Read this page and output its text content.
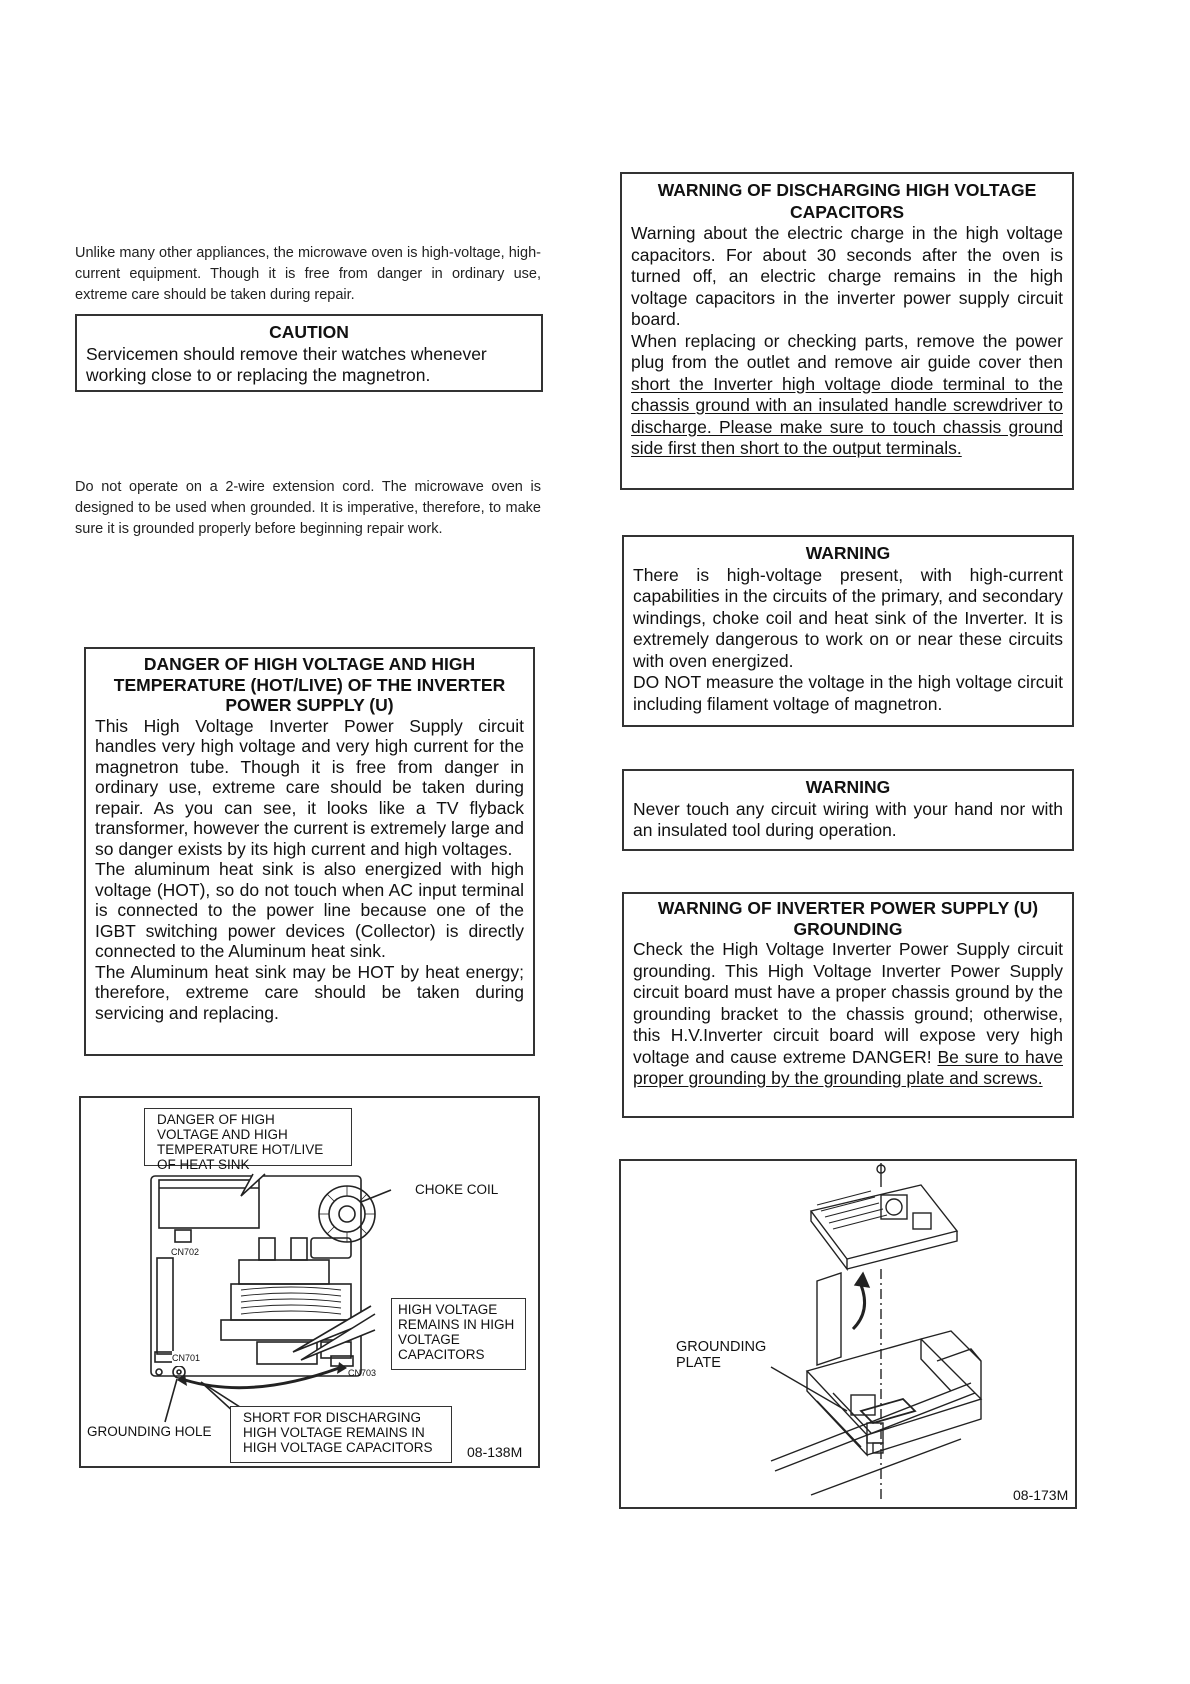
Unlike many other appliances, the microwave oven is high-voltage, high-current equipment. Though it is free from danger in ordinary use, extreme care should be taken during repair.
CAUTION

Servicemen should remove their watches whenever working close to or replacing the magnetron.

Do not operate on a 2-wire extension cord. The microwave oven is designed to be used when grounded. It is imperative, therefore, to make sure it is grounded properly before beginning repair work.
DANGER OF HIGH VOLTAGE AND HIGH TEMPERATURE (HOT/LIVE) OF THE INVERTER POWER SUPPLY (U)

This High Voltage Inverter Power Supply circuit handles very high voltage and very high current for the magnetron tube. Though it is free from danger in ordinary use, extreme care should be taken during repair. As you can see, it looks like a TV flyback transformer, however the current is extremely large and so danger exists by its high current and high voltages.

The aluminum heat sink is also energized with high voltage (HOT), so do not touch when AC input terminal is connected to the power line because one of the IGBT switching power devices (Collector) is directly connected to the Aluminum heat sink.

The Aluminum heat sink may be HOT by heat energy; therefore, extreme care should be taken during servicing and replacing.

DANGER OF HIGH VOLTAGE AND HIGH TEMPERATURE HOT/LIVE OF HEAT SINK
CHOKE COIL
HIGH VOLTAGE REMAINS IN HIGH VOLTAGE CAPACITORS
CN702
CN701
CN703
GROUNDING HOLE
SHORT FOR DISCHARGING HIGH VOLTAGE REMAINS IN HIGH VOLTAGE CAPACITORS	08-138M
WARNING OF DISCHARGING HIGH VOLTAGE CAPACITORS

Warning about the electric charge in the high voltage capacitors. For about 30 seconds after the oven is turned off, an electric charge remains in the high voltage capacitors in the inverter power supply circuit board.

When replacing or checking parts, remove the power plug from the outlet and remove air guide cover then short the Inverter high voltage diode terminal to the chassis ground with an insulated handle screwdriver to discharge. Please make sure to touch chassis ground side first then short to the output terminals.

WARNING

There is high-voltage present, with high-current capabilities in the circuits of the primary, and secondary windings, choke coil and heat sink of the Inverter. It is extremely dangerous to work on or near these circuits with oven energized.

DO NOT measure the voltage in the high voltage circuit including filament voltage of magnetron.

WARNING

Never touch any circuit wiring with your hand nor with an insulated tool during operation.

WARNING OF INVERTER POWER SUPPLY (U) GROUNDING

Check the High Voltage Inverter Power Supply circuit grounding. This High Voltage Inverter Power Supply circuit board must have a proper chassis ground by the grounding bracket to the chassis ground; otherwise, this H.V.Inverter circuit board will expose very high voltage and cause extreme DANGER! Be sure to have proper grounding by the grounding plate and screws.

GROUNDING PLATE
08-173M
